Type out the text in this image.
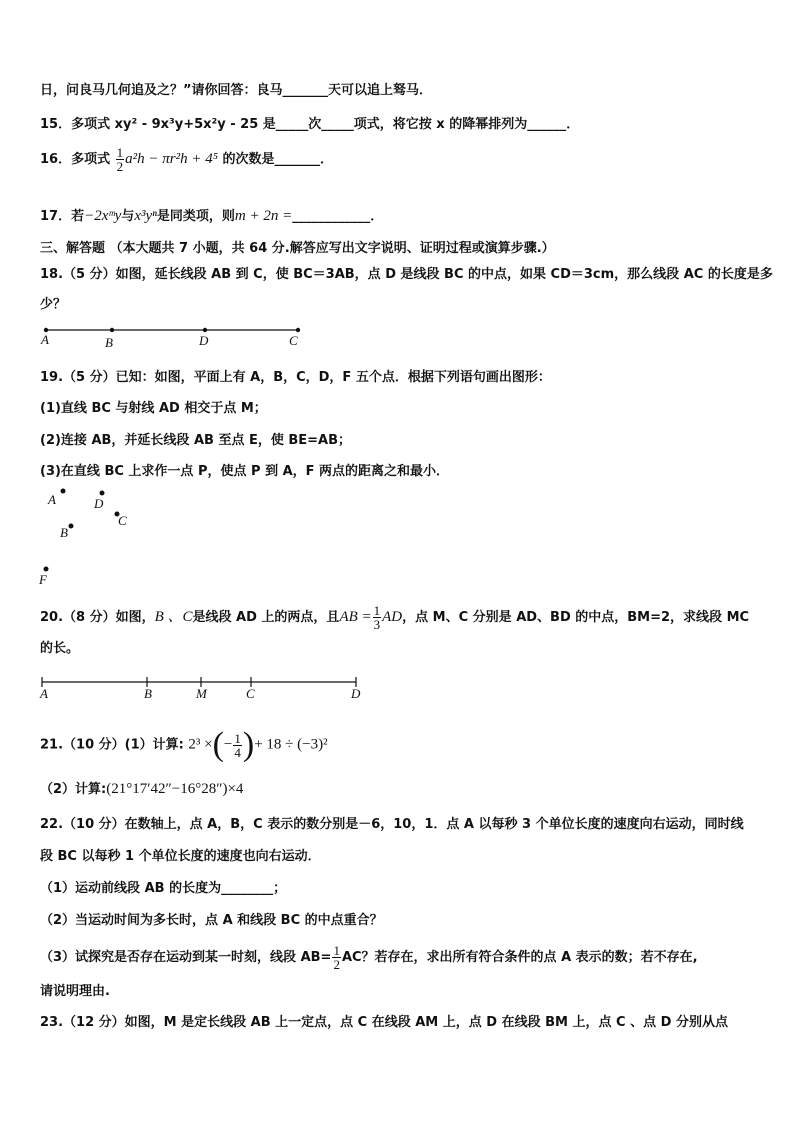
日，问良马几何追及之？”请你回答：良马_______天可以追上驽马．
15．多项式 xy² - 9x³y+5x²y - 25 是_____次_____项式，将它按 x 的降幂排列为______．
16．多项式 $\frac{1}{2} a^2h - \pi r^2h + 4^5$ 的次数是_______．
17．若−2xᵐy与x³yⁿ是同类项，则m + 2n =____________．
三、解答题 （本大题共 7 小题，共 64 分.解答应写出文字说明、证明过程或演算步骤.）
18.（5 分）如图，延长线段 AB 到 C，使 BC＝3AB，点 D 是线段 BC 的中点，如果 CD＝3cm，那么线段 AC 的长度是多
少？
A	B	D	C
19.（5 分）已知：如图，平面上有 A，B，C，D，F 五个点．根据下列语句画出图形：
(1)直线 BC 与射线 AD 相交于点 M；
(2)连接 AB，并延长线段 AB 至点 E，使 BE=AB；
(3)在直线 BC 上求作一点 P，使点 P 到 A，F 两点的距离之和最小．
A	D
C
B
F
20.（8 分）如图，B 、C是线段 AD 上的两点，且AB = $\frac{1}{3}$ AD，点 M、C 分别是 AD、BD 的中点，BM=2，求线段 MC
的长。
A	B	M	C	D
21.（10 分）(1）计算: 2³ ×(− $\frac{1}{4}$ )+ 18 ÷ (−3)²
（2）计算:(21°17′42″−16°28″)×4
22.（10 分）在数轴上，点 A，B，C 表示的数分别是－6，10，1．点 A 以每秒 3 个单位长度的速度向右运动，同时线
段 BC 以每秒 1 个单位长度的速度也向右运动．
（1）运动前线段 AB 的长度为________；
（2）当运动时间为多长时，点 A 和线段 BC 的中点重合？
（3）试探究是否存在运动到某一时刻，线段 $AB= \frac{1}{2}$ AC？若存在，求出所有符合条件的点 A 表示的数；若不存在,
请说明理由.
23.（12 分）如图，M 是定长线段 AB 上一定点，点 C 在线段 AM 上，点 D 在线段 BM 上，点 C 、点 D 分别从点
